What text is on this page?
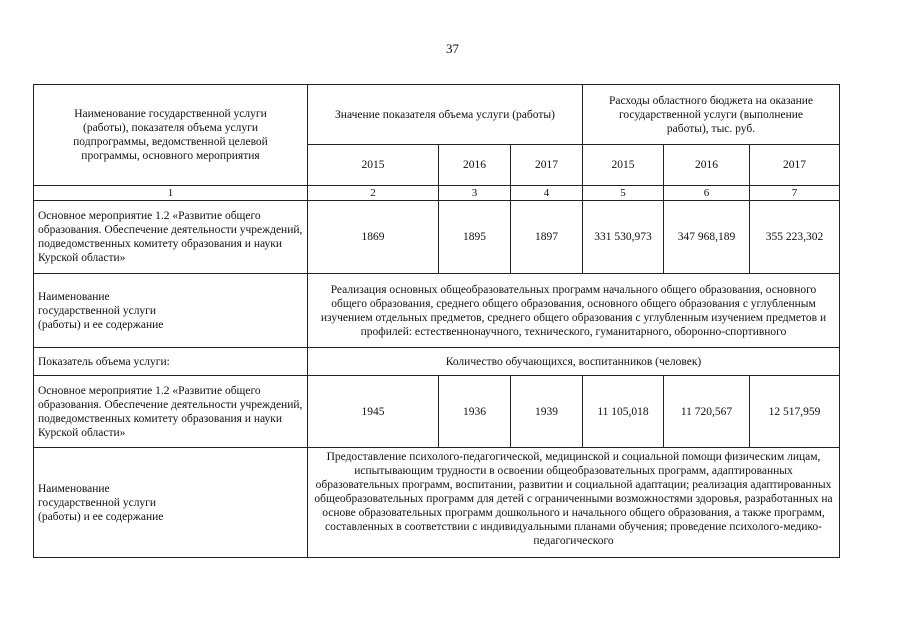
37
Наименование государственной услуги (работы), показателя объема услуги подпрограммы, ведомственной целевой программы, основного мероприятия	Значение показателя объема услуги (работы)			Расходы областного бюджета на оказание государственной услуги (выполнение работы), тыс. руб.		
	2015	2016	2017	2015	2016	2017
1	2	3	4	5	6	7
Основное мероприятие 1.2 «Развитие общего образования. Обеспечение деятельности учреждений, подведомственных комитету образования и науки Курской области»	1869	1895	1897	331 530,973	347 968,189	355 223,302

Наименование государственной услуги (работы) и ее содержание	Реализация основных общеобразовательных программ начального общего образования, основного общего образования, среднего общего образования, основного общего образования с углубленным изучением отдельных предметов, среднего общего образования с углубленным изучением предметов и профилей: естественнонаучного, технического, гуманитарного, оборонно-спортивного					
Показатель объема услуги:	Количество обучающихся, воспитанников (человек)					
Основное мероприятие 1.2 «Развитие общего образования. Обеспечение деятельности учреждений, подведомственных комитету образования и науки Курской области»	1945	1936	1939	11 105,018	11 720,567	12 517,959

Наименование государственной услуги (работы) и ее содержание	Предоставление психолого-педагогической, медицинской и социальной помощи физическим лицам, испытывающим трудности в освоении общеобразовательных программ, адаптированных образовательных программ, воспитании, развитии и социальной адаптации; реализация адаптированных общеобразовательных программ для детей с ограниченными возможностями здоровья, разработанных на основе образовательных программ дошкольного и начального общего образования, а также программ, составленных в соответствии с индивидуальными планами обучения; проведение психолого-медико-педагогического					
